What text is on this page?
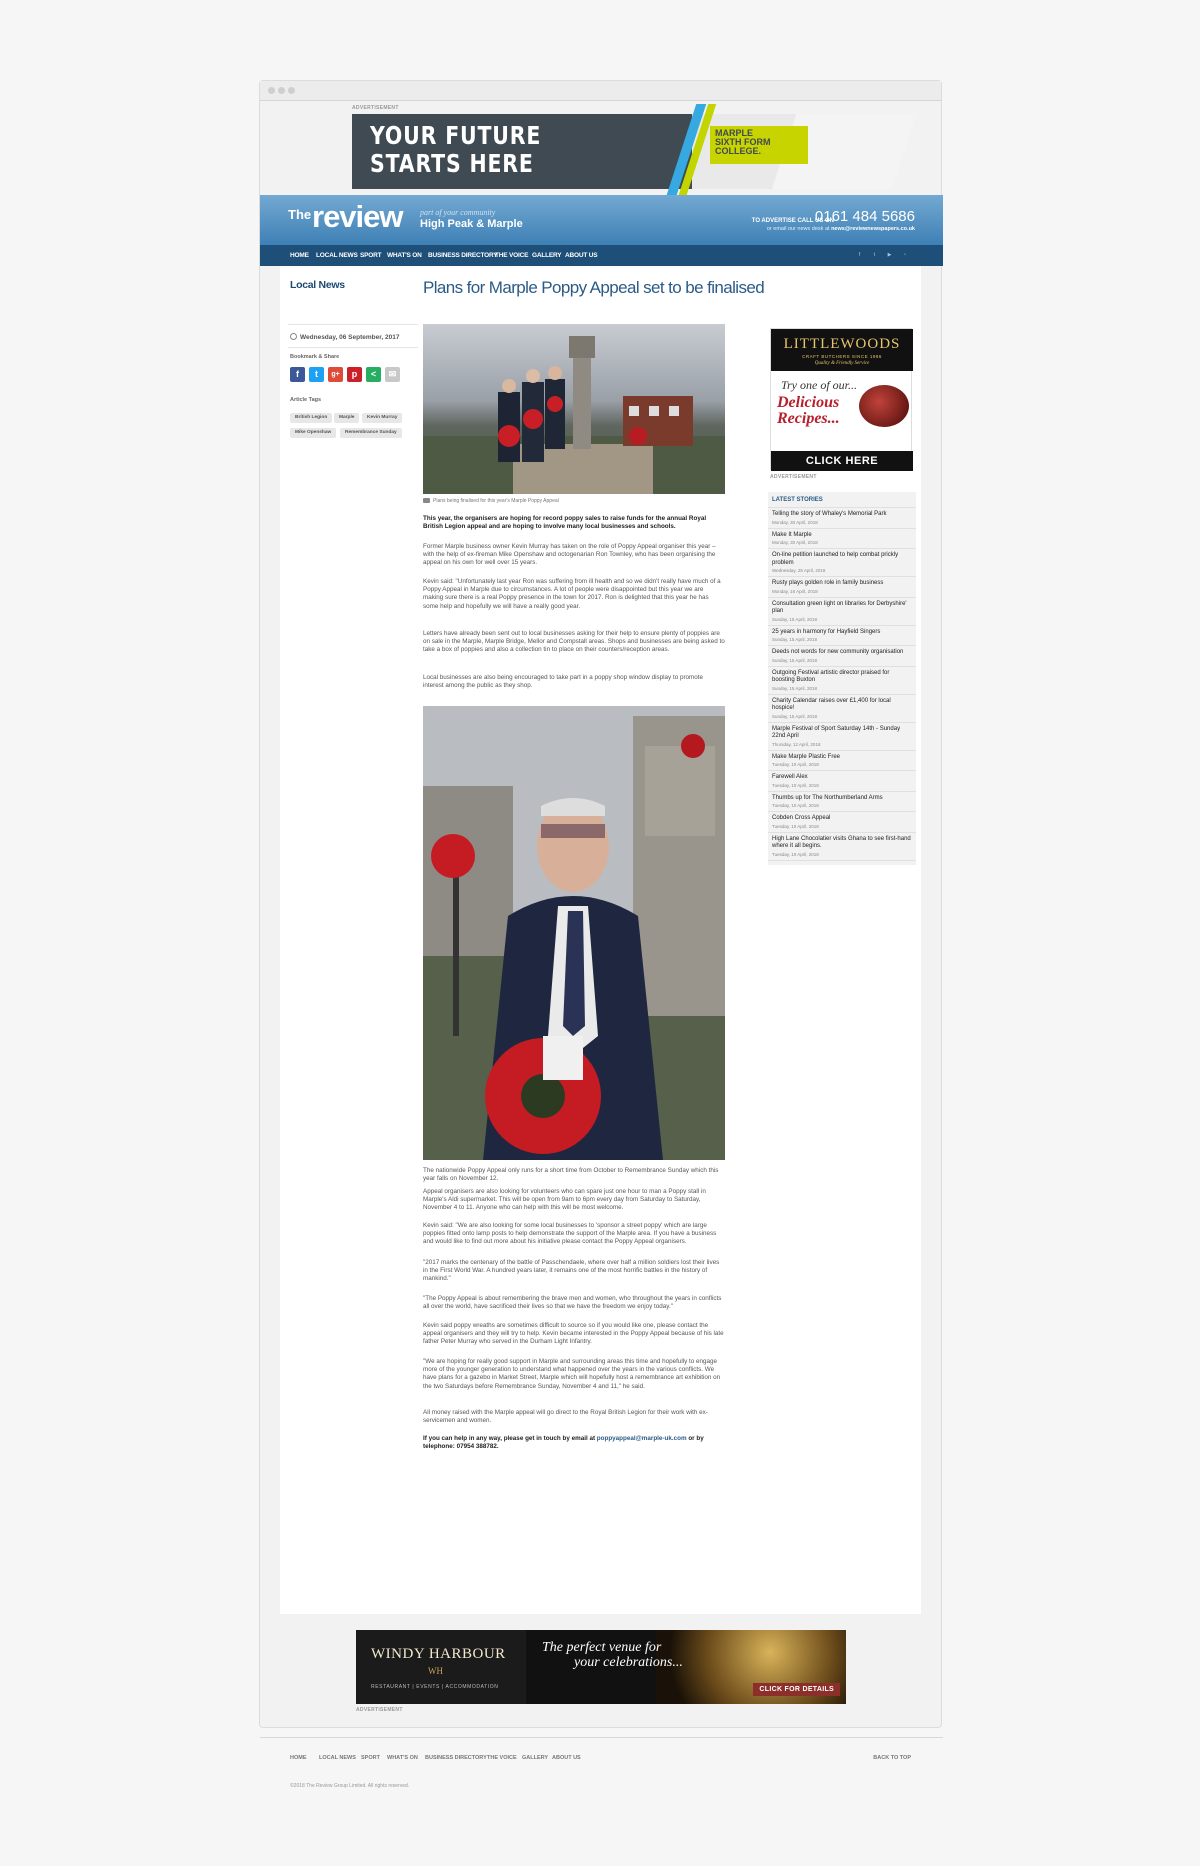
ADVERTISEMENT
YOUR FUTURE
STARTS HERE
MARPLE
SIXTH FORM
COLLEGE.
The review part of your community
High Peak & Marple	TO ADVERTISE CALL US ON
0161 484 5686
or email our news desk at news@reviewnewspapers.co.uk
HOME LOCAL NEWS SPORT WHAT'S ON BUSINESS DIRECTORY
THE VOICE GALLERY ABOUT US	f	t	▶	◔
Local News	Plans for Marple Poppy Appeal set to be finalised
Wednesday, 06 September, 2017
Bookmark & Share
f	t	g+	p	<	✉
Article Tags
British Legion	Marple	Kevin Murray
Mike Openshaw	Remembrance Sunday
Plans being finalised for this year's Marple Poppy Appeal

This year, the organisers are hoping for record poppy sales to raise funds for the annual Royal British Legion appeal and are hoping to involve many local businesses and schools.

Former Marple business owner Kevin Murray has taken on the role of Poppy Appeal organiser this year – with the help of ex-fireman Mike Openshaw and octogenarian Ron Townley, who has been organising the appeal on his own for well over 15 years.

Kevin said: "Unfortunately last year Ron was suffering from ill health and so we didn't really have much of a Poppy Appeal in Marple due to circumstances. A lot of people were disappointed but this year we are making sure there is a real Poppy presence in the town for 2017. Ron is delighted that this year he has some help and hopefully we will have a really good year.

Letters have already been sent out to local businesses asking for their help to ensure plenty of poppies are on sale in the Marple, Marple Bridge, Mellor and Compstall areas. Shops and businesses are being asked to take a box of poppies and also a collection tin to place on their counters/reception areas.

Local businesses are also being encouraged to take part in a poppy shop window display to promote interest among the public as they shop.

The nationwide Poppy Appeal only runs for a short time from October to Remembrance Sunday which this year falls on November 12.

Appeal organisers are also looking for volunteers who can spare just one hour to man a Poppy stall in Marple's Aldi supermarket. This will be open from 9am to 6pm every day from Saturday to Saturday, November 4 to 11. Anyone who can help with this will be most welcome.

Kevin said: "We are also looking for some local businesses to 'sponsor a street poppy' which are large poppies fitted onto lamp posts to help demonstrate the support of the Marple area. If you have a business and would like to find out more about his initiative please contact the Poppy Appeal organisers.

"2017 marks the centenary of the battle of Passchendaele, where over half a million soldiers lost their lives in the First World War. A hundred years later, it remains one of the most horrific battles in the history of mankind."

"The Poppy Appeal is about remembering the brave men and women, who throughout the years in conflicts all over the world, have sacrificed their lives so that we have the freedom we enjoy today."

Kevin said poppy wreaths are sometimes difficult to source so if you would like one, please contact the appeal organisers and they will try to help. Kevin became interested in the Poppy Appeal because of his late father Peter Murray who served in the Durham Light Infantry.

"We are hoping for really good support in Marple and surrounding areas this time and hopefully to engage more of the younger generation to understand what happened over the years in the various conflicts. We have plans for a gazebo in Market Street, Marple which will hopefully host a remembrance art exhibition on the two Saturdays before Remembrance Sunday, November 4 and 11," he said.

All money raised with the Marple appeal will go direct to the Royal British Legion for their work with ex-servicemen and women.

If you can help in any way, please get in touch by email at poppyappeal@marple-uk.com or by telephone: 07954 388782.

LITTLEWOODS
CRAFT BUTCHERS SINCE 1986
Quality & Friendly Service
Try one of our...
Delicious
Recipes...
CLICK HERE
ADVERTISEMENT
LATEST STORIES
Telling the story of Whaley's Memorial Park
Monday, 30 April, 2018
Make It Marple
Monday, 30 April, 2018
On-line petition launched to help combat prickly problem
Wednesday, 25 April, 2018
Rusty plays golden role in family business
Monday, 16 April, 2018
Consultation green light on libraries for Derbyshire' plan
Sunday, 15 April, 2018
25 years in harmony for Hayfield Singers
Sunday, 15 April, 2018
Deeds not words for new community organisation
Sunday, 15 April, 2018
Outgoing Festival artistic director praised for boosting Buxton
Sunday, 15 April, 2018
Charity Calendar raises over £1,400 for local hospice!
Sunday, 15 April, 2018
Marple Festival of Sport Saturday 14th - Sunday 22nd April
Thursday, 12 April, 2018
Make Marple Plastic Free
Tuesday, 10 April, 2018
Farewell Alex
Tuesday, 10 April, 2018
Thumbs up for The Northumberland Arms
Tuesday, 10 April, 2018
Cobden Cross Appeal
Tuesday, 10 April, 2018
High Lane Chocolatier visits Ghana to see first-hand where it all begins.
Tuesday, 10 April, 2018
WINDY HARBOUR
WH
RESTAURANT | EVENTS | ACCOMMODATION
The perfect venue for
your celebrations...
CLICK FOR DETAILS
ADVERTISEMENT
HOME LOCAL NEWS SPORT WHAT'S ON BUSINESS DIRECTORY THE VOICE GALLERY ABOUT US	BACK TO TOP
©2018 The Review Group Limited. All rights reserved.
